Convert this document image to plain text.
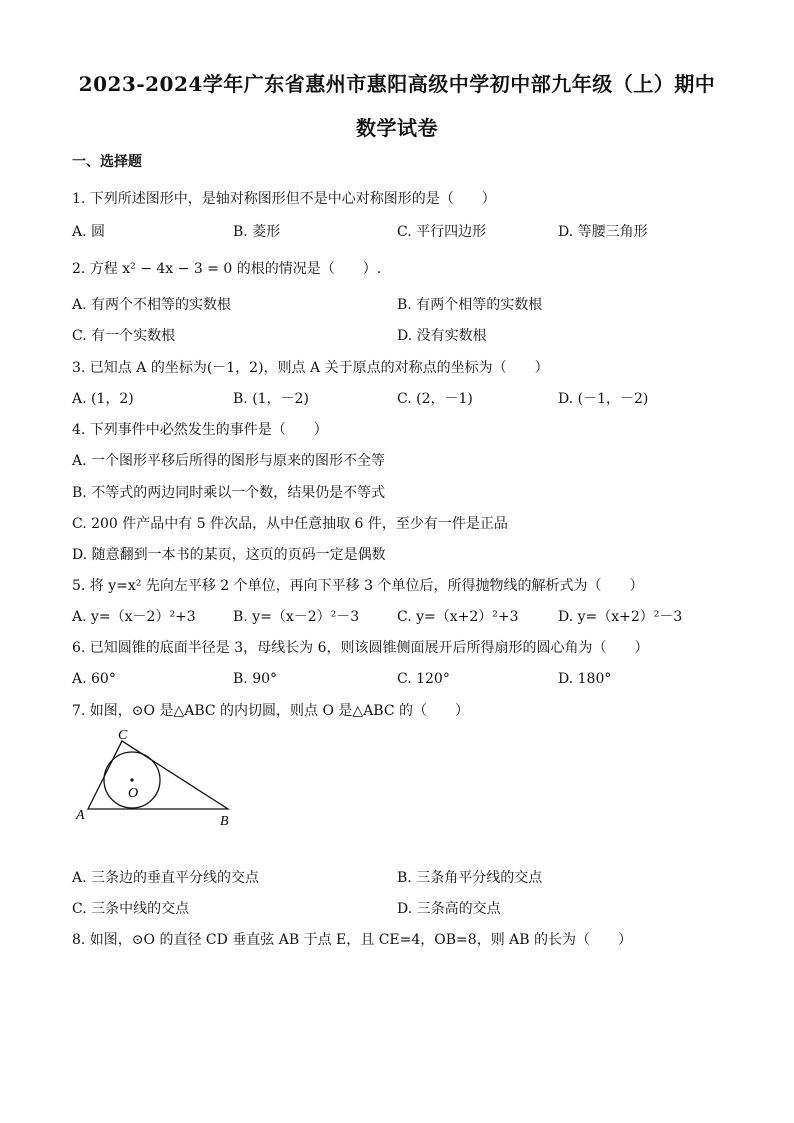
2023-2024学年广东省惠州市惠阳高级中学初中部九年级（上）期中
数学试卷
一、选择题
1. 下列所述图形中，是轴对称图形但不是中心对称图形的是（　　）
A. 圆	B. 菱形	C. 平行四边形	D. 等腰三角形
2. 方程 x² − 4x − 3 = 0 的根的情况是（　　）.
A. 有两个不相等的实数根	B. 有两个相等的实数根
C. 有一个实数根	D. 没有实数根
3. 已知点 A 的坐标为(－1，2)，则点 A 关于原点的对称点的坐标为（　　）
A. (1，2)	B. (1，－2)	C. (2，－1)	D. (－1，－2)
4. 下列事件中必然发生的事件是（　　）
A. 一个图形平移后所得的图形与原来的图形不全等
B. 不等式的两边同时乘以一个数，结果仍是不等式
C. 200 件产品中有 5 件次品，从中任意抽取 6 件，至少有一件是正品
D. 随意翻到一本书的某页，这页的页码一定是偶数
5. 将 y=x² 先向左平移 2 个单位，再向下平移 3 个单位后，所得抛物线的解析式为（　　）
A. y=（x－2）²+3	B. y=（x－2）²－3	C. y=（x+2）²+3	D. y=（x+2）²－3
6. 已知圆锥的底面半径是 3，母线长为 6，则该圆锥侧面展开后所得扇形的圆心角为（　　）
A. 60°	B. 90°	C. 120°	D. 180°
7. 如图，⊙O 是△ABC 的内切圆，则点 O 是△ABC 的（　　）
A	B
C
O
A. 三条边的垂直平分线的交点	B. 三条角平分线的交点
C. 三条中线的交点	D. 三条高的交点
8. 如图，⊙O 的直径 CD 垂直弦 AB 于点 E，且 CE=4，OB=8，则 AB 的长为（　　）
